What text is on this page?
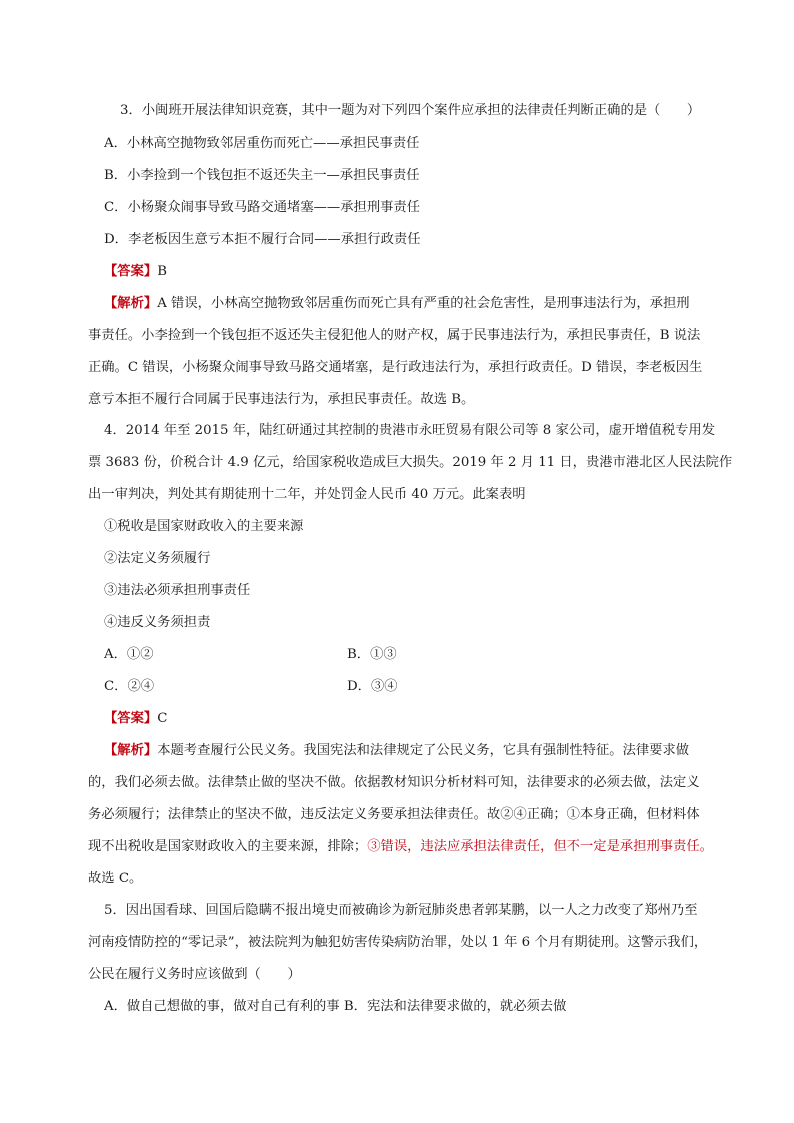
3．小闽班开展法律知识竞赛，其中一题为对下列四个案件应承担的法律责任判断正确的是（　　）
A．小林高空抛物致邻居重伤而死亡——承担民事责任
B．小李捡到一个钱包拒不返还失主一—承担民事责任
C．小杨聚众闹事导致马路交通堵塞——承担刑事责任
D．李老板因生意亏本拒不履行合同——承担行政责任
【答案】B
【解析】A 错误，小林高空抛物致邻居重伤而死亡具有严重的社会危害性，是刑事违法行为，承担刑
事责任。小李捡到一个钱包拒不返还失主侵犯他人的财产权，属于民事违法行为，承担民事责任，B 说法
正确。C 错误，小杨聚众闹事导致马路交通堵塞，是行政违法行为，承担行政责任。D 错误，李老板因生
意亏本拒不履行合同属于民事违法行为，承担民事责任。故选 B。
4．2014 年至 2015 年，陆红研通过其控制的贵港市永旺贸易有限公司等 8 家公司，虚开增值税专用发
票 3683 份，价税合计 4.9 亿元，给国家税收造成巨大损失。2019 年 2 月 11 日，贵港市港北区人民法院作
出一审判决，判处其有期徒刑十二年，并处罚金人民币 40 万元。此案表明
①税收是国家财政收入的主要来源
②法定义务须履行
③违法必须承担刑事责任
④违反义务须担责
A．①②	B．①③
C．②④	D．③④
【答案】C
【解析】本题考查履行公民义务。我国宪法和法律规定了公民义务，它具有强制性特征。法律要求做
的，我们必须去做。法律禁止做的坚决不做。依据教材知识分析材料可知，法律要求的必须去做，法定义
务必须履行；法律禁止的坚决不做，违反法定义务要承担法律责任。故②④正确；①本身正确，但材料体
现不出税收是国家财政收入的主要来源，排除；③错误，违法应承担法律责任，但不一定是承担刑事责任。
故选 C。
5．因出国看球、回国后隐瞒不报出境史而被确诊为新冠肺炎患者郭某鹏，以一人之力改变了郑州乃至
河南疫情防控的“零记录”，被法院判为触犯妨害传染病防治罪，处以 1 年 6 个月有期徒刑。这警示我们，
公民在履行义务时应该做到（　　）
A．做自己想做的事，做对自己有利的事 B．宪法和法律要求做的，就必须去做
